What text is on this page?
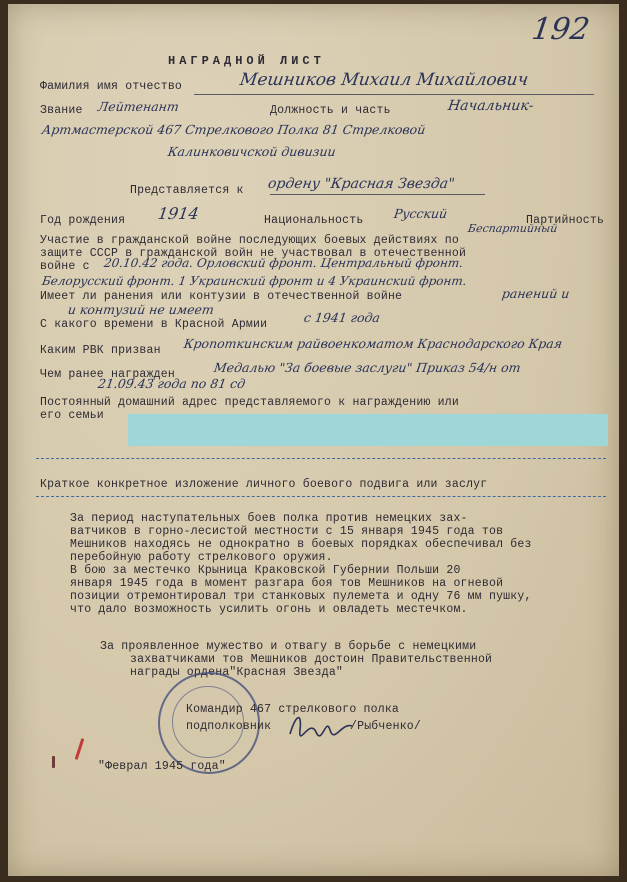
192
НАГРАДНОЙ ЛИСТ
Фамилия имя отчество	Мешников Михаил Михайлович
Звание Лейтенант	Должность и часть	Начальник-
Артмастерской 467 Стрелкового Полка 81 Стрелковой
Калинковичской дивизии
Представляется к ордену "Красная Звезда"
Год рождения 1914	Национальность Русский	Партийность
Беспартийный
Участие в гражданской войне последующих боевых действиях по
защите СССР в гражданской войн не участвовал в отечественной
войне с 20.10.42 года. Орловский фронт. Центральный фронт.
Белорусский фронт. 1 Украинский фронт и 4 Украинский фронт.
Имеет ли ранения или контузии в отечественной войне	ранений и
и контузий не имеет
С какого времени в Красной Армии	с 1941 года
Каким РВК призван Кропоткинским райвоенкоматом Краснодарского Края
Чем ранее награжден	Медалью "За боевые заслуги" Приказ 54/н от
21.09.43 года по 81 сд
Постоянный домашний адрес представляемого к награждению или
его семьи
Краткое конкретное изложение личного боевого подвига или заслуг
За период наступательных боев полка против немецких зах-
ватчиков в горно-лесистой местности с 15 января 1945 года тов
Мешников находясь не однократно в боевых порядках обеспечивал без
перебойную работу стрелкового оружия.
В бою за местечко Крыница Краковской Губернии Польши 20
января 1945 года в момент разгара боя тов Мешников на огневой
позиции отремонтировал три станковых пулемета и одну 76 мм пушку,
что дало возможность усилить огонь и овладеть местечком.
За проявленное мужество и отвагу в борьбе с немецкими
захватчиками тов Мешников достоин Правительственной
награды ордена"Красная Звезда"
Командир 467 стрелкового полка
подполковник	/Рыбченко/
"Феврал 1945 года"
